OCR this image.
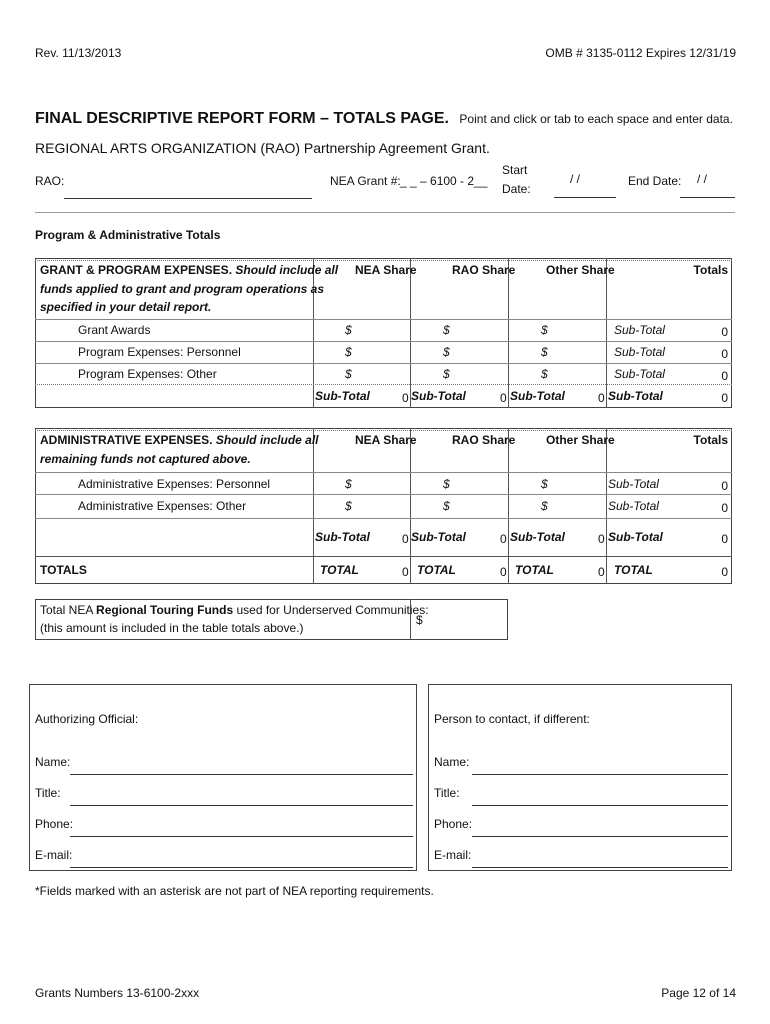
Rev. 11/13/2013	OMB # 3135-0112 Expires 12/31/19
FINAL DESCRIPTIVE REPORT FORM – TOTALS PAGE. Point and click or tab to each space and enter data.
REGIONAL ARTS ORGANIZATION (RAO) Partnership Agreement Grant.
RAO:	NEA Grant #: _ _ – 6100 - 2__
Start
Date:
/ /	End Date: / /
Program & Administrative Totals
GRANT & PROGRAM EXPENSES. Should include all
funds applied to grant and program operations as
specified in your detail report.
NEA Share	RAO Share	Other Share	Totals
Grant Awards	$	$	$	Sub-Total	0
Program Expenses: Personnel	$	$	$	Sub-Total	0
Program Expenses: Other	$	$	$	Sub-Total	0
Sub-Total	0 Sub-Total	0 Sub-Total	0 Sub-Total	0
ADMINISTRATIVE EXPENSES. Should include all
remaining funds not captured above.
NEA Share	RAO Share	Other Share	Totals
Administrative Expenses: Personnel	$	$	$	Sub-Total	0
Administrative Expenses: Other	$	$	$	Sub-Total	0
Sub-Total	0 Sub-Total	0 Sub-Total	0 Sub-Total	0
TOTALS	TOTAL	0 TOTAL	0 TOTAL	0 TOTAL	0
Total NEA Regional Touring Funds used for Underserved Communities:
(this amount is included in the table totals above.)
$
Authorizing Official:
Name:
Title:
Phone:
E-mail:
Person to contact, if different:
Name:
Title:
Phone:
E-mail:
*Fields marked with an asterisk are not part of NEA reporting requirements.
Grants Numbers 13-6100-2xxx	Page 12 of 14
